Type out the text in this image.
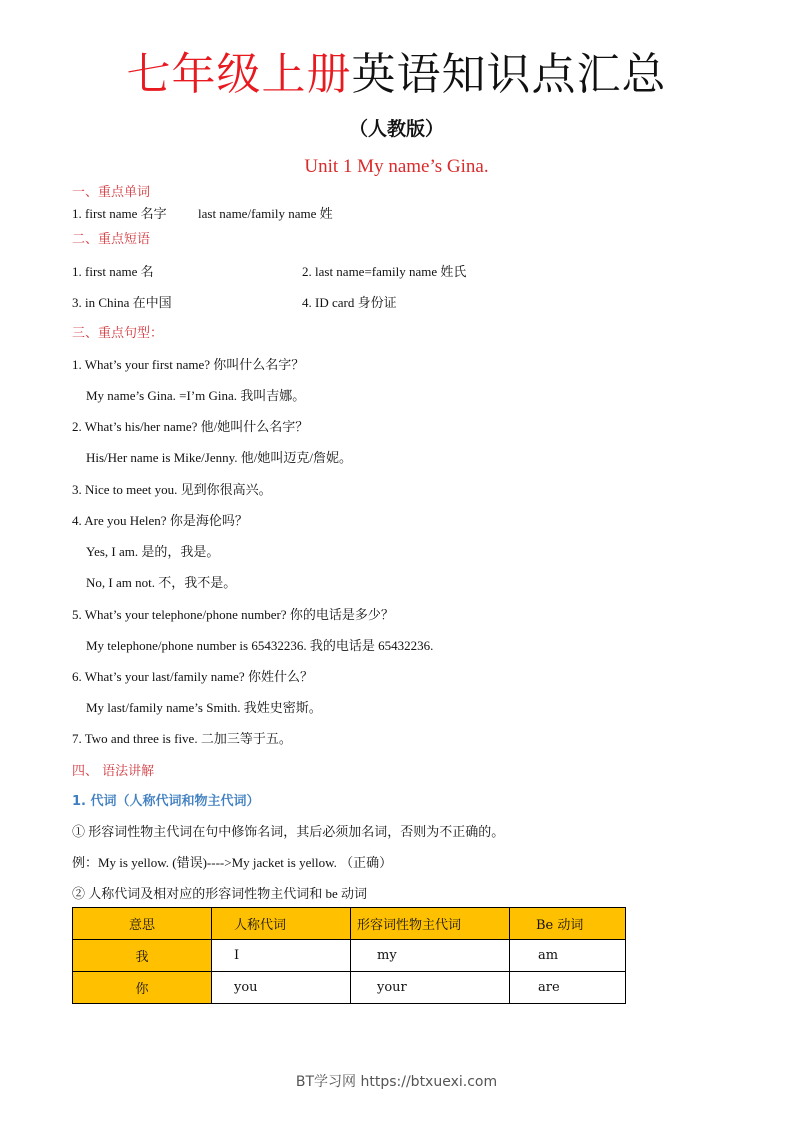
七年级上册英语知识点汇总
（人教版）
Unit 1 My name’s Gina.
一、重点单词
1. first name 名字 last name/family name 姓
二、重点短语
1. first name 名	2. last name=family name 姓氏
3. in China 在中国	4. ID card 身份证
三、重点句型：
1. What’s your first name? 你叫什么名字？
My name’s Gina. =I’m Gina. 我叫吉娜。
2. What’s his/her name? 他/她叫什么名字？
His/Her name is Mike/Jenny. 他/她叫迈克/詹妮。
3. Nice to meet you. 见到你很高兴。
4. Are you Helen? 你是海伦吗？
Yes, I am. 是的，我是。
No, I am not. 不，我不是。
5. What’s your telephone/phone number? 你的电话是多少？
My telephone/phone number is 65432236. 我的电话是 65432236.
6. What’s your last/family name? 你姓什么？
My last/family name’s Smith. 我姓史密斯。
7. Two and three is five. 二加三等于五。
四、 语法讲解
1. 代词（人称代词和物主代词）
① 形容词性物主代词在句中修饰名词，其后必须加名词，否则为不正确的。
例：My is yellow. (错误)---->My jacket is yellow. （正确）
② 人称代词及相对应的形容词性物主代词和 be 动词
意思	人称代词	形容词性物主代词	Be 动词
我	I	my	am
你	you	your	are
BT学习网 https://btxuexi.com
